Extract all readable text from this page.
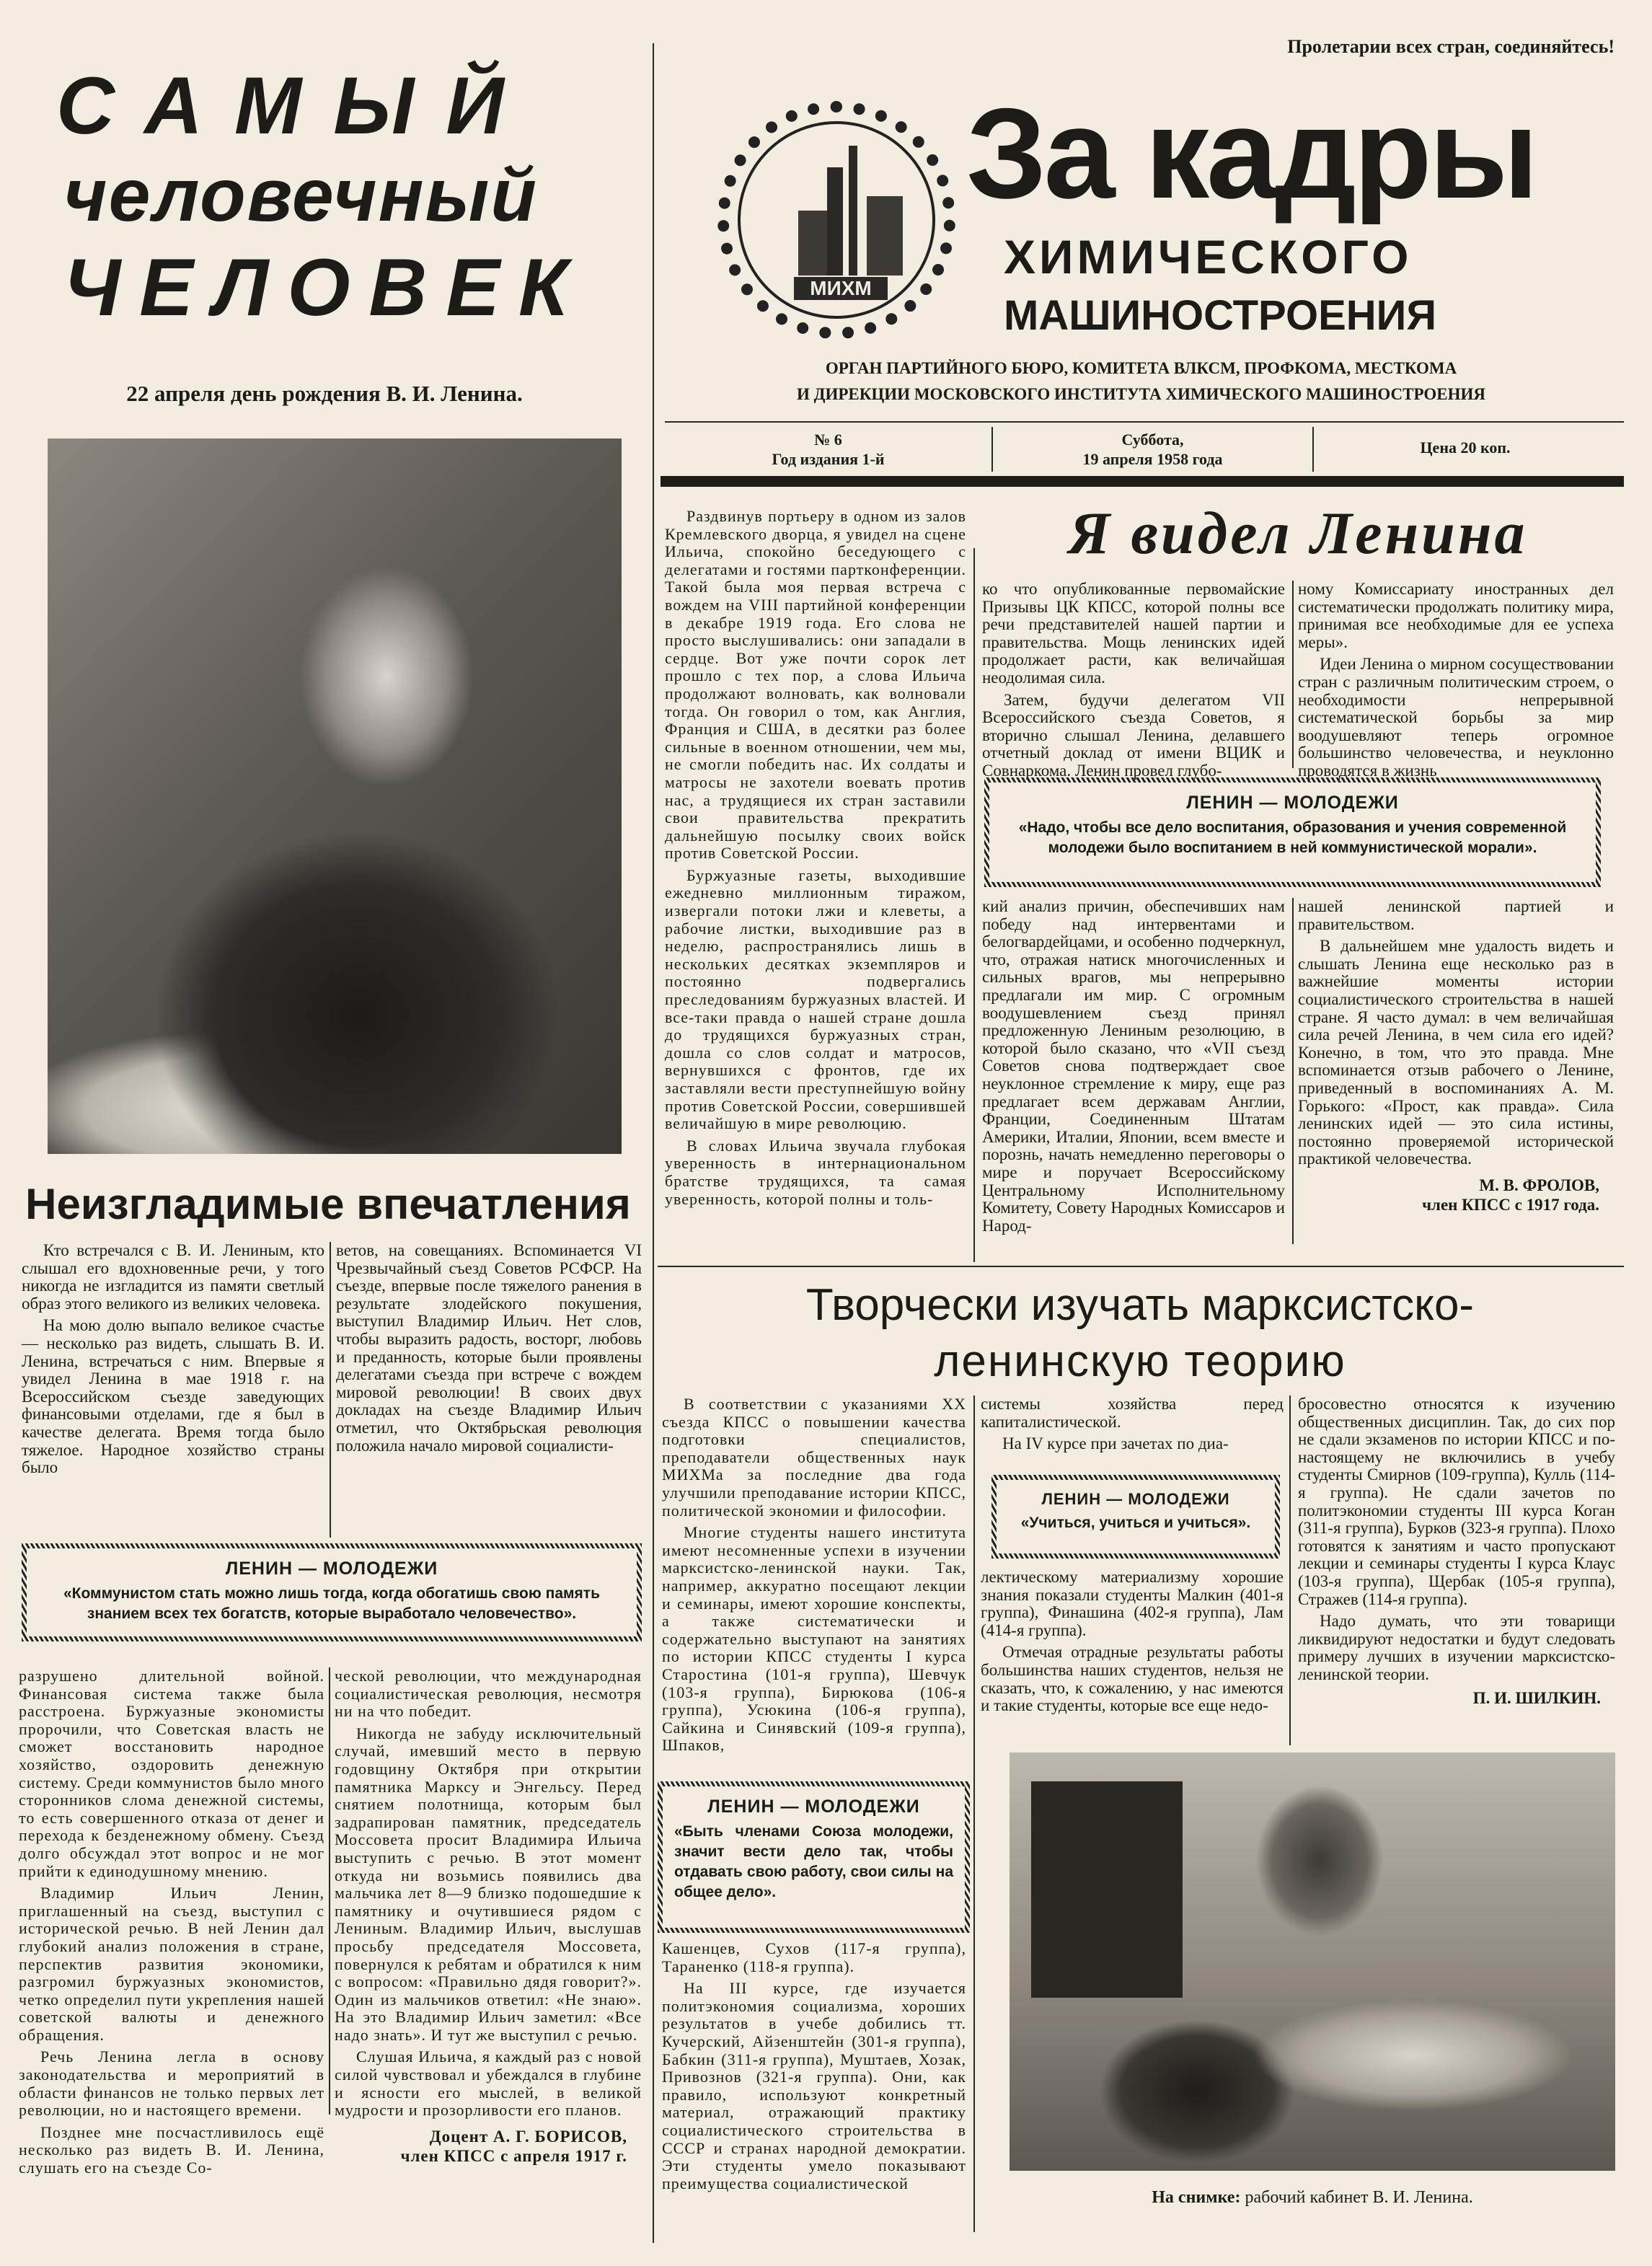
САМЫЙ
человечный
ЧЕЛОВЕК
22 апреля день рождения В. И. Ленина.
Неизгладимые впечатления

Кто встречался с В. И. Лениным, кто слышал его вдохновенные речи, у того никогда не изгладится из памяти светлый образ этого великого из великих человека.

На мою долю выпало великое счастье — несколько раз видеть, слышать В. И. Ленина, встречаться с ним. Впервые я увидел Ленина в мае 1918 г. на Всероссийском съезде заведующих финансовыми отделами, где я был в качестве делегата. Время тогда было тяжелое. Народное хозяйство страны было

ветов, на совещаниях. Вспоминается VI Чрезвычайный съезд Советов РСФСР. На съезде, впервые после тяжелого ранения в результате злодейского покушения, выступил Владимир Ильич. Нет слов, чтобы выразить радость, восторг, любовь и преданность, которые были проявлены делегатами съезда при встрече с вождем мировой революции! В своих двух докладах на съезде Владимир Ильич отметил, что Октябрьская революция положила начало мировой социалисти-

ЛЕНИН — МОЛОДЕЖИ
«Коммунистом стать можно лишь тогда, когда обогатишь свою память знанием всех тех богатств, которые выработало человечество».

разрушено длительной войной. Финансовая система также была расстроена. Буржуазные экономисты пророчили, что Советская власть не сможет восстановить народное хозяйство, оздоровить денежную систему. Среди коммунистов было много сторонников слома денежной системы, то есть совершенного отказа от денег и перехода к безденежному обмену. Съезд долго обсуждал этот вопрос и не мог прийти к единодушному мнению.

Владимир Ильич Ленин, приглашенный на съезд, выступил с исторической речью. В ней Ленин дал глубокий анализ положения в стране, перспектив развития экономики, разгромил буржуазных экономистов, четко определил пути укрепления нашей советской валюты и денежного обращения.

Речь Ленина легла в основу законодательства и мероприятий в области финансов не только первых лет революции, но и настоящего времени.

Позднее мне посчастливилось ещё несколько раз видеть В. И. Ленина, слушать его на съезде Со-

ческой революции, что международная социалистическая революция, несмотря ни на что победит.

Никогда не забуду исключительный случай, имевший место в первую годовщину Октября при открытии памятника Марксу и Энгельсу. Перед снятием полотнища, которым был задрапирован памятник, председатель Моссовета просит Владимира Ильича выступить с речью. В этот момент откуда ни возьмись появились два мальчика лет 8—9 близко подошедшие к памятнику и очутившиеся рядом с Лениным. Владимир Ильич, выслушав просьбу председателя Моссовета, повернулся к ребятам и обратился к ним с вопросом: «Правильно дядя говорит?». Один из мальчиков ответил: «Не знаю». На это Владимир Ильич заметил: «Все надо знать». И тут же выступил с речью.

Слушая Ильича, я каждый раз с новой силой чувствовал и убеждался в глубине и ясности его мыслей, в великой мудрости и прозорливости его планов.

Доцент А. Г. БОРИСОВ,
член КПСС с апреля 1917 г.
Пролетарии всех стран, соединяйтесь!
МИХМ
За кадры
ХИМИЧЕСКОГО
МАШИНОСТРОЕНИЯ
ОРГАН ПАРТИЙНОГО БЮРО, КОМИТЕТА ВЛКСМ, ПРОФКОМА, МЕСТКОМА
И ДИРЕКЦИИ МОСКОВСКОГО ИНСТИТУТА ХИМИЧЕСКОГО МАШИНОСТРОЕНИЯ
№ 6
Год издания 1-й
Суббота,
19 апреля 1958 года
Цена 20 коп.

Раздвинув портьеру в одном из залов Кремлевского дворца, я увидел на сцене Ильича, спокойно беседующего с делегатами и гостями партконференции. Такой была моя первая встреча с вождем на VIII партийной конференции в декабре 1919 года. Его слова не просто выслушивались: они западали в сердце. Вот уже почти сорок лет прошло с тех пор, а слова Ильича продолжают волновать, как волновали тогда. Он говорил о том, как Англия, Франция и США, в десятки раз более сильные в военном отношении, чем мы, не смогли победить нас. Их солдаты и матросы не захотели воевать против нас, а трудящиеся их стран заставили свои правительства прекратить дальнейшую посылку своих войск против Советской России.

Буржуазные газеты, выходившие ежедневно миллионным тиражом, извергали потоки лжи и клеветы, а рабочие листки, выходившие раз в неделю, распространялись лишь в нескольких десятках экземпляров и постоянно подвергались преследованиям буржуазных властей. И все-таки правда о нашей стране дошла до трудящихся буржуазных стран, дошла со слов солдат и матросов, вернувшихся с фронтов, где их заставляли вести преступнейшую войну против Советской России, совершившей величайшую в мире революцию.

В словах Ильича звучала глубокая уверенность в интернациональном братстве трудящихся, та самая уверенность, которой полны и толь-

Я видел Ленина

ко что опубликованные первомайские Призывы ЦК КПСС, которой полны все речи представителей нашей партии и правительства. Мощь ленинских идей продолжает расти, как величайшая неодолимая сила.

Затем, будучи делегатом VII Всероссийского съезда Советов, я вторично слышал Ленина, делавшего отчетный доклад от имени ВЦИК и Совнаркома. Ленин провел глубо-

ному Комиссариату иностранных дел систематически продолжать политику мира, принимая все необходимые для ее успеха меры».

Идеи Ленина о мирном сосуществовании стран с различным политическим строем, о необходимости непрерывной систематической борьбы за мир воодушевляют теперь огромное большинство человечества, и неуклонно проводятся в жизнь

ЛЕНИН — МОЛОДЕЖИ
«Надо, чтобы все дело воспитания, образования и учения современной молодежи было воспитанием в ней коммунистической морали».

кий анализ причин, обеспечивших нам победу над интервентами и белогвардейцами, и особенно подчеркнул, что, отражая натиск многочисленных и сильных врагов, мы непрерывно предлагали им мир. С огромным воодушевлением съезд принял предложенную Лениным резолюцию, в которой было сказано, что «VII съезд Советов снова подтверждает свое неуклонное стремление к миру, еще раз предлагает всем державам Англии, Франции, Соединенным Штатам Америки, Италии, Японии, всем вместе и порознь, начать немедленно переговоры о мире и поручает Всероссийскому Центральному Исполнительному Комитету, Совету Народных Комиссаров и Народ-

нашей ленинской партией и правительством.

В дальнейшем мне удалость видеть и слышать Ленина еще несколько раз в важнейшие моменты истории социалистического строительства в нашей стране. Я часто думал: в чем величайшая сила речей Ленина, в чем сила его идей? Конечно, в том, что это правда. Мне вспоминается отзыв рабочего о Ленине, приведенный в воспоминаниях А. М. Горького: «Прост, как правда». Сила ленинских идей — это сила истины, постоянно проверяемой исторической практикой человечества.

М. В. ФРОЛОВ,
член КПСС с 1917 года.
Творчески изучать марксистско-
ленинскую теорию

В соответствии с указаниями XX съезда КПСС о повышении качества подготовки специалистов, преподаватели общественных наук МИХМа за последние два года улучшили преподавание истории КПСС, политической экономии и философии.

Многие студенты нашего института имеют несомненные успехи в изучении марксистско-ленинской науки. Так, например, аккуратно посещают лекции и семинары, имеют хорошие конспекты, а также систематически и содержательно выступают на занятиях по истории КПСС студенты I курса Старостина (101-я группа), Шевчук (103-я группа), Бирюкова (106-я группа), Усюкина (106-я группа), Сайкина и Синявский (109-я группа), Шпаков,

ЛЕНИН — МОЛОДЕЖИ
«Быть членами Союза молодежи, значит вести дело так, чтобы отдавать свою работу, свои силы на общее дело».

Кашенцев, Сухов (117-я группа), Тараненко (118-я группа).

На III курсе, где изучается политэкономия социализма, хороших результатов в учебе добились тт. Кучерский, Айзенштейн (301-я группа), Бабкин (311-я группа), Муштаев, Хозак, Привознов (321-я группа). Они, как правило, используют конкретный материал, отражающий практику социалистического строительства в СССР и странах народной демократии. Эти студенты умело показывают преимущества социалистической

системы хозяйства перед капиталистической.

На IV курсе при зачетах по диа-

ЛЕНИН — МОЛОДЕЖИ
«Учиться, учиться и учиться».

лектическому материализму хорошие знания показали студенты Малкин (401-я группа), Финашина (402-я группа), Лам (414-я группа).

Отмечая отрадные результаты работы большинства наших студентов, нельзя не сказать, что, к сожалению, у нас имеются и такие студенты, которые все еще недо-

бросовестно относятся к изучению общественных дисциплин. Так, до сих пор не сдали экзаменов по истории КПСС и по-настоящему не включились в учебу студенты Смирнов (109-группа), Кулль (114-я группа). Не сдали зачетов по политэкономии студенты III курса Коган (311-я группа), Бурков (323-я группа). Плохо готовятся к занятиям и часто пропускают лекции и семинары студенты I курса Клаус (103-я группа), Щербак (105-я группа), Стражев (114-я группа).

Надо думать, что эти товарищи ликвидируют недостатки и будут следовать примеру лучших в изучении марксистско-ленинской теории.

П. И. ШИЛКИН.
На снимке: рабочий кабинет В. И. Ленина.
